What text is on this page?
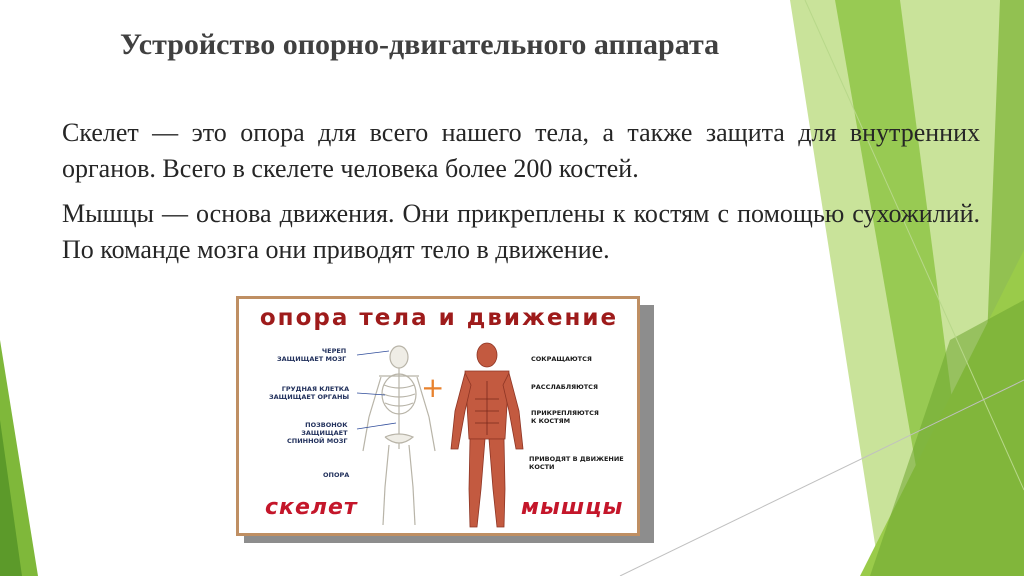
Устройство опорно-двигательного аппарата

Скелет — это опора для всего нашего тела, а также защита для внутренних органов. Всего в скелете человека более 200 костей.

Мышцы — основа движения. Они прикреплены к костям с помощью сухожилий. По команде мозга они приводят тело в движение.

опора тела и движение
+
ЧЕРЕП
ЗАЩИЩАЕТ МОЗГ
ГРУДНАЯ КЛЕТКА
ЗАЩИЩАЕТ ОРГАНЫ
ПОЗВОНОК
ЗАЩИЩАЕТ
СПИННОЙ МОЗГ
ОПОРА
СОКРАЩАЮТСЯ
РАССЛАБЛЯЮТСЯ
ПРИКРЕПЛЯЮТСЯ
К КОСТЯМ
ПРИВОДЯТ В ДВИЖЕНИЕ
КОСТИ
скелет	мышцы
